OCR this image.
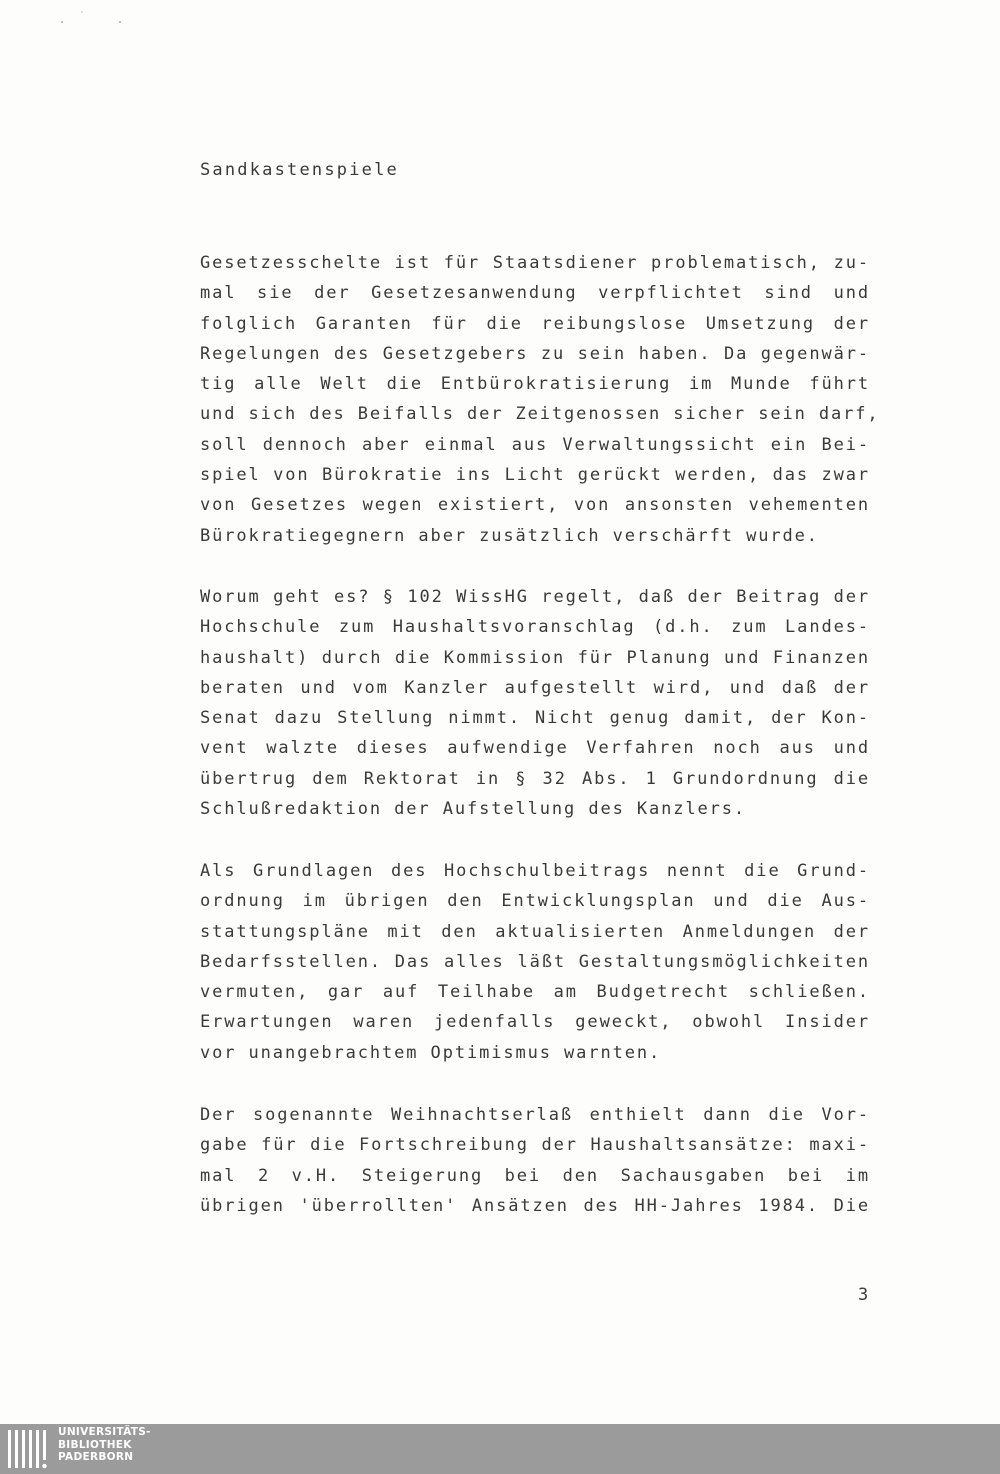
Sandkastenspiele
Gesetzesschelte ist für Staatsdiener problematisch, zu-
mal sie der Gesetzesanwendung verpflichtet sind und
folglich Garanten für die reibungslose Umsetzung der
Regelungen des Gesetzgebers zu sein haben. Da gegenwär-
tig alle Welt die Entbürokratisierung im Munde führt
und sich des Beifalls der Zeitgenossen sicher sein darf,
soll dennoch aber einmal aus Verwaltungssicht ein Bei-
spiel von Bürokratie ins Licht gerückt werden, das zwar
von Gesetzes wegen existiert, von ansonsten vehementen
Bürokratiegegnern aber zusätzlich verschärft wurde.
Worum geht es? § 102 WissHG regelt, daß der Beitrag der
Hochschule zum Haushaltsvoranschlag (d.h. zum Landes-
haushalt) durch die Kommission für Planung und Finanzen
beraten und vom Kanzler aufgestellt wird, und daß der
Senat dazu Stellung nimmt. Nicht genug damit, der Kon-
vent walzte dieses aufwendige Verfahren noch aus und
übertrug dem Rektorat in § 32 Abs. 1 Grundordnung die
Schlußredaktion der Aufstellung des Kanzlers.
Als Grundlagen des Hochschulbeitrags nennt die Grund-
ordnung im übrigen den Entwicklungsplan und die Aus-
stattungspläne mit den aktualisierten Anmeldungen der
Bedarfsstellen. Das alles läßt Gestaltungsmöglichkeiten
vermuten, gar auf Teilhabe am Budgetrecht schließen.
Erwartungen waren jedenfalls geweckt, obwohl Insider
vor unangebrachtem Optimismus warnten.
Der sogenannte Weihnachtserlaß enthielt dann die Vor-
gabe für die Fortschreibung der Haushaltsansätze: maxi-
mal 2 v.H. Steigerung bei den Sachausgaben bei im
übrigen 'überrollten' Ansätzen des HH-Jahres 1984. Die
3
UNIVERSITÄTS-
BIBLIOTHEK
PADERBORN
